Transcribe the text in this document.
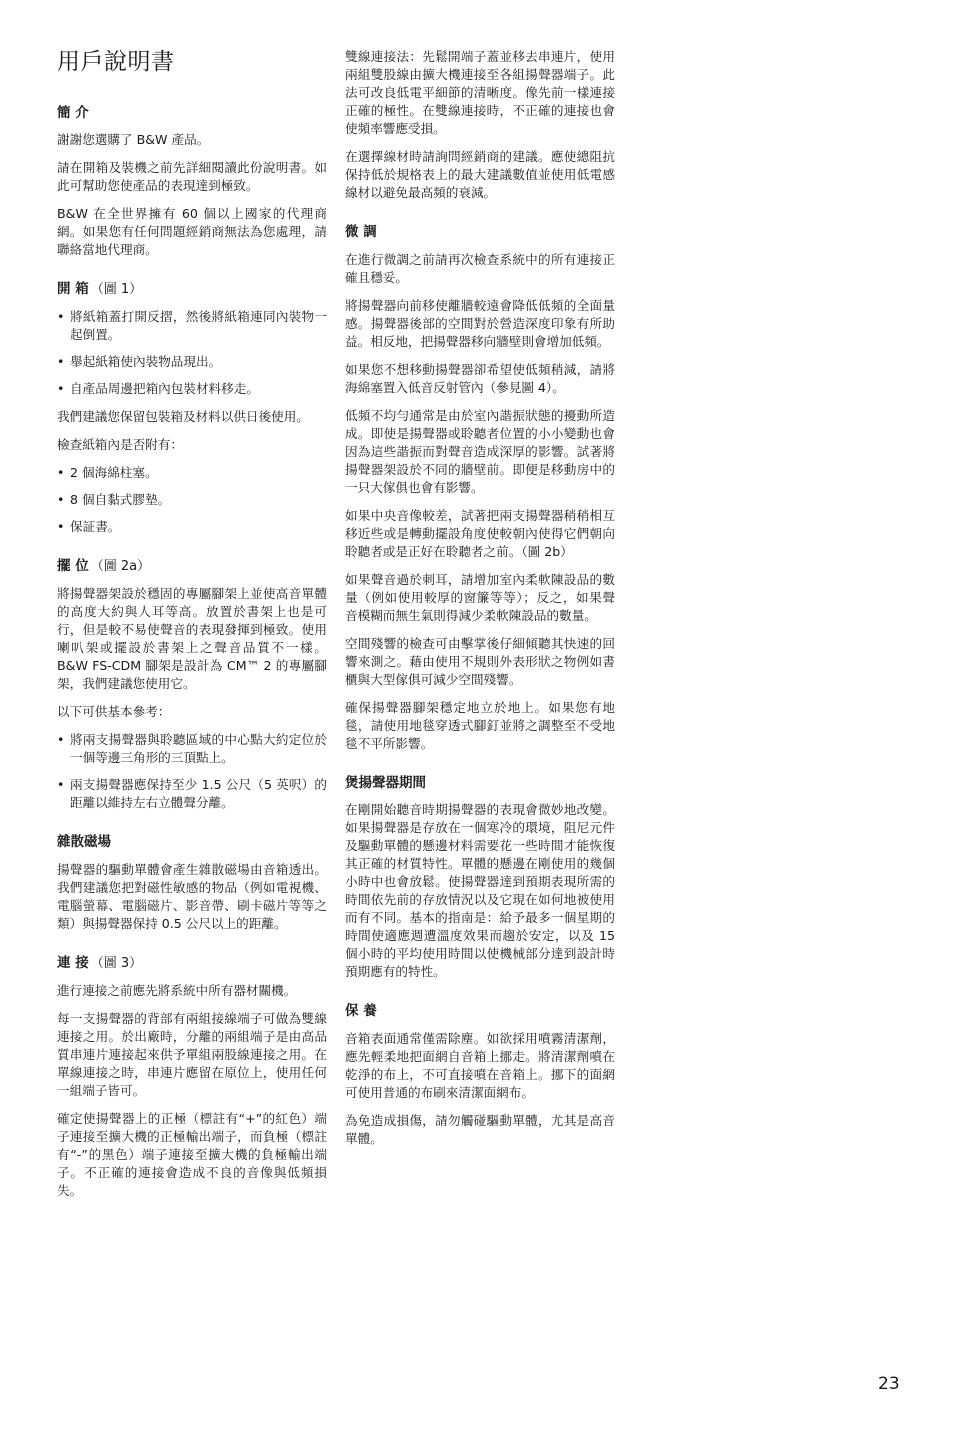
用戶說明書
簡 介

謝謝您選購了 B&W 產品。

請在開箱及裝機之前先詳細閱讀此份說明書。如此可幫助您使產品的表現達到極致。

B&W 在全世界擁有 60 個以上國家的代理商網。如果您有任何問題經銷商無法為您處理，請聯絡當地代理商。

開 箱 （圖 1）
• 將紙箱蓋打開反摺，然後將紙箱連同內裝物一起倒置。
• 舉起紙箱使內裝物品現出。
• 自產品周邊把箱內包裝材料移走。

我們建議您保留包裝箱及材料以供日後使用。

檢查紙箱內是否附有：

• 2 個海綿柱塞。
• 8 個自黏式膠墊。
• 保証書。
擺 位 （圖 2a）

將揚聲器架設於穩固的專屬腳架上並使高音單體的高度大約與人耳等高。放置於書架上也是可行，但是較不易使聲音的表現發揮到極致。使用喇叭架或擺設於書架上之聲音品質不一樣。 B&W FS-CDM 腳架是設計為 CM™ 2 的專屬腳架，我們建議您使用它。

以下可供基本參考：

• 將兩支揚聲器與聆聽區域的中心點大約定位於一個等邊三角形的三頂點上。
• 兩支揚聲器應保持至少 1.5 公尺（5 英呎）的距離以維持左右立體聲分離。
雜散磁場

揚聲器的驅動單體會產生雜散磁場由音箱透出。我們建議您把對磁性敏感的物品（例如電視機、電腦螢幕、電腦磁片、影音帶、刷卡磁片等等之類）與揚聲器保持 0.5 公尺以上的距離。

連 接 （圖 3）

進行連接之前應先將系統中所有器材關機。

每一支揚聲器的背部有兩組接線端子可做為雙線連接之用。於出廠時，分離的兩組端子是由高品質串連片連接起來供予單組兩股線連接之用。在單線連接之時，串連片應留在原位上，使用任何一組端子皆可。

確定使揚聲器上的正極（標註有“+”的紅色）端子連接至擴大機的正極輸出端子，而負極（標註有“-”的黑色）端子連接至擴大機的負極輸出端子。不正確的連接會造成不良的音像與低頻損失。

雙線連接法：先鬆開端子蓋並移去串連片，使用兩組雙股線由擴大機連接至各組揚聲器端子。此法可改良低電平細節的清晰度。像先前一樣連接正確的極性。在雙線連接時，不正確的連接也會使頻率響應受損。

在選擇線材時請詢問經銷商的建議。應使總阻抗保持低於規格表上的最大建議數值並使用低電感線材以避免最高頻的衰減。

微 調

在進行微調之前請再次檢查系統中的所有連接正確且穩妥。

將揚聲器向前移使離牆較遠會降低低頻的全面量感。揚聲器後部的空間對於營造深度印象有所助益。相反地，把揚聲器移向牆壁則會增加低頻。

如果您不想移動揚聲器卻希望使低頻稍減，請將海綿塞置入低音反射管內（參見圖 4）。

低頻不均勻通常是由於室內諧振狀態的擾動所造成。即使是揚聲器或聆聽者位置的小小變動也會因為這些諧振而對聲音造成深厚的影響。試著將揚聲器架設於不同的牆壁前。即便是移動房中的一只大傢俱也會有影響。

如果中央音像較差，試著把兩支揚聲器稍稍相互移近些或是轉動擺設角度使較朝內使得它們朝向聆聽者或是正好在聆聽者之前。（圖 2b）

如果聲音過於刺耳，請增加室內柔軟陳設品的數量（例如使用較厚的窗簾等等）；反之，如果聲音模糊而無生氣則得減少柔軟陳設品的數量。

空間殘響的檢查可由擊掌後仔細傾聽其快速的回響來測之。藉由使用不規則外表形狀之物例如書櫃與大型傢俱可減少空間殘響。

確保揚聲器腳架穩定地立於地上。如果您有地毯，請使用地毯穿透式腳釘並將之調整至不受地毯不平所影響。

煲揚聲器期間

在剛開始聽音時期揚聲器的表現會微妙地改變。如果揚聲器是存放在一個寒冷的環境，阻尼元件及驅動單體的懸邊材料需要花一些時間才能恢復其正確的材質特性。單體的懸邊在剛使用的幾個小時中也會放鬆。使揚聲器達到預期表現所需的時間依先前的存放情況以及它現在如何地被使用而有不同。基本的指南是：給予最多一個星期的時間使適應週遭溫度效果而趨於安定，以及 15 個小時的平均使用時間以使機械部分達到設計時預期應有的特性。

保 養

音箱表面通常僅需除塵。如欲採用噴霧清潔劑，應先輕柔地把面網自音箱上挪走。將清潔劑噴在乾淨的布上，不可直接噴在音箱上。挪下的面網可使用普通的布刷來清潔面網布。

為免造成損傷，請勿觸碰驅動單體，尤其是高音單體。

23
